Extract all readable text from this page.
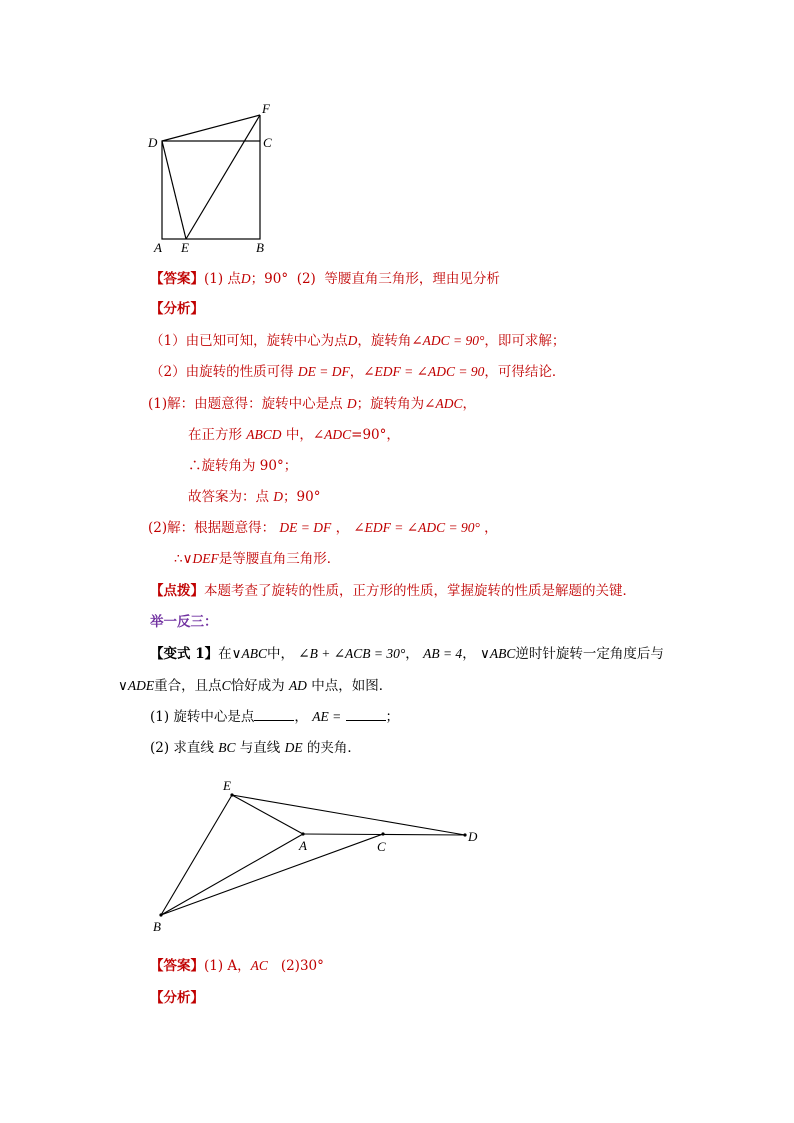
F
D	C
A E	B
【答案】(1) 点D；90° (2) 等腰直角三角形，理由见分析
【分析】
（1）由已知可知，旋转中心为点D，旋转角∠ADC = 90°，即可求解；
（2）由旋转的性质可得 DE = DF，∠EDF = ∠ADC = 90，可得结论．
(1)解：由题意得：旋转中心是点 D；旋转角为∠ADC，
在正方形 ABCD 中，∠ADC=90°，
∴旋转角为 90°；
故答案为：点 D；90°
(2)解：根据题意得： DE = DF ， ∠EDF = ∠ADC = 90° ，
∴∨DEF是等腰直角三角形．
【点拨】本题考查了旋转的性质，正方形的性质，掌握旋转的性质是解题的关键．
举一反三：
【变式 1】在∨ABC中， ∠B + ∠ACB = 30°， AB = 4， ∨ABC逆时针旋转一定角度后与
∨ADE重合，且点C恰好成为 AD 中点，如图．
(1) 旋转中心是点	， AE =	；
(2) 求直线 BC 与直线 DE 的夹角．
E
A	C
D
B
【答案】(1) A，AC (2)30°
【分析】
